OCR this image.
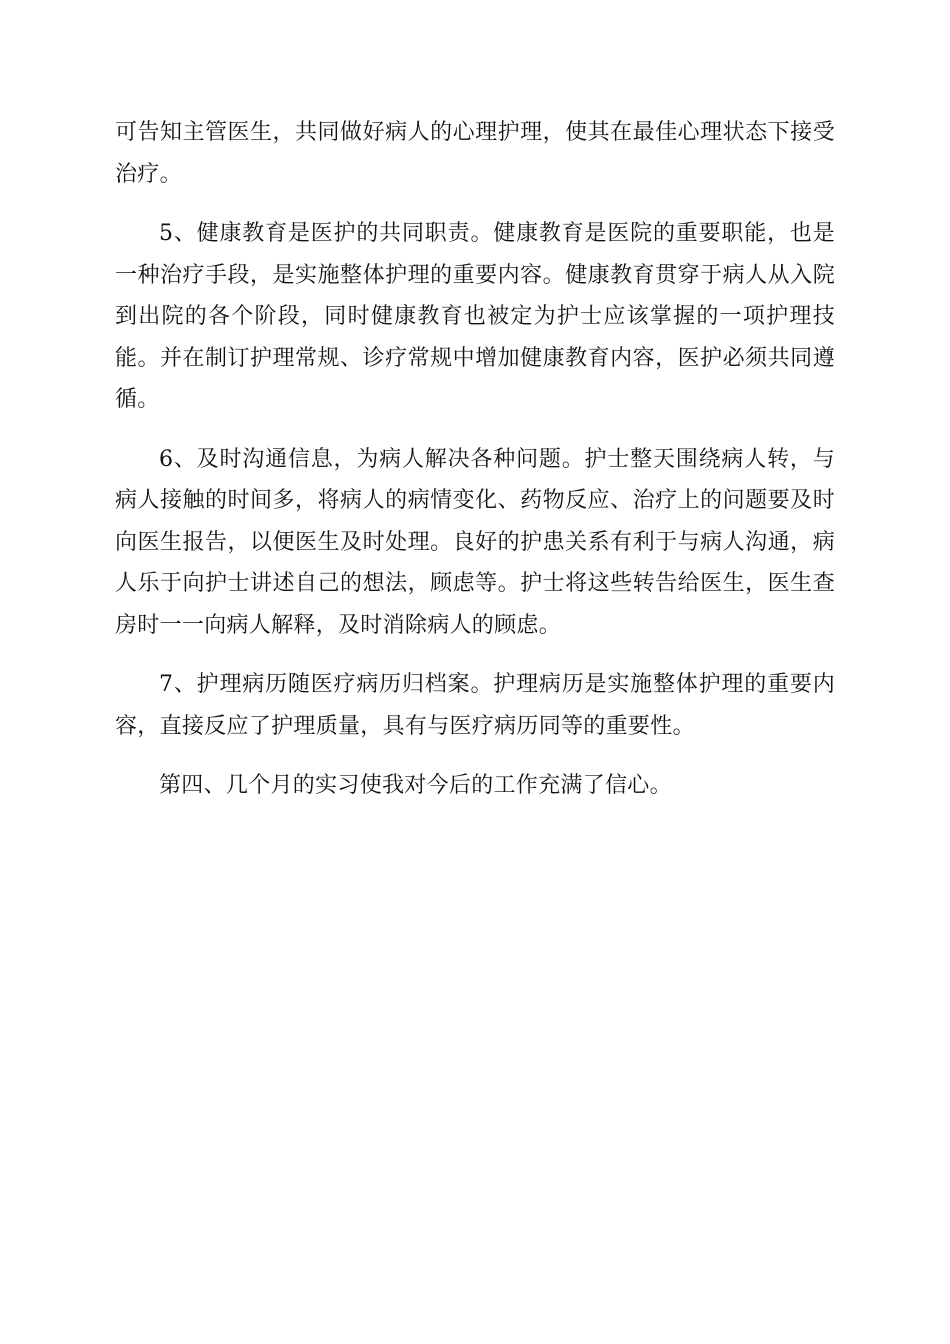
可告知主管医生，共同做好病人的心理护理，使其在最佳心理状态下接受治疗。

5、健康教育是医护的共同职责。健康教育是医院的重要职能，也是一种治疗手段，是实施整体护理的重要内容。健康教育贯穿于病人从入院到出院的各个阶段，同时健康教育也被定为护士应该掌握的一项护理技能。并在制订护理常规、诊疗常规中增加健康教育内容，医护必须共同遵循。

6、及时沟通信息，为病人解决各种问题。护士整天围绕病人转，与病人接触的时间多，将病人的病情变化、药物反应、治疗上的问题要及时向医生报告，以便医生及时处理。良好的护患关系有利于与病人沟通，病人乐于向护士讲述自己的想法，顾虑等。护士将这些转告给医生，医生查房时一一向病人解释，及时消除病人的顾虑。

7、护理病历随医疗病历归档案。护理病历是实施整体护理的重要内容，直接反应了护理质量，具有与医疗病历同等的重要性。

第四、几个月的实习使我对今后的工作充满了信心。
